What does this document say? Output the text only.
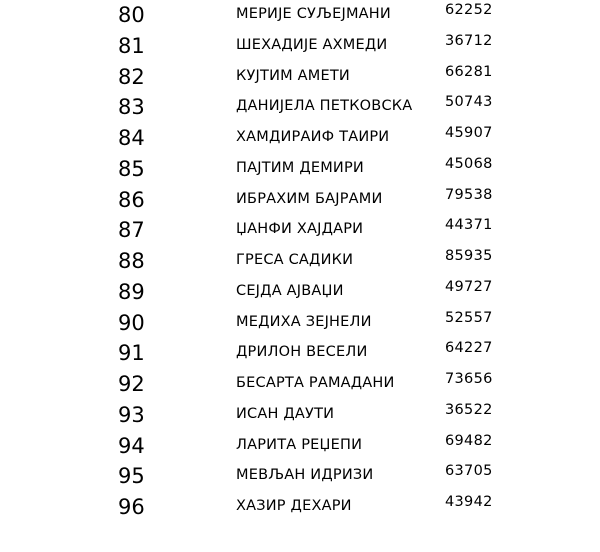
80	МЕРИЈЕ СУЉЕЈМАНИ	62252
81	ШЕХАДИЈЕ АХМЕДИ	36712
82	КУЈТИМ АМЕТИ	66281
83	ДАНИЈЕЛА ПЕТКОВСКА 50743
84	ХАМДИРАИФ ТАИРИ	45907
85	ПАЈТИМ ДЕМИРИ	45068
86	ИБРАХИМ БАЈРАМИ	79538
87	ЏАНФИ ХАЈДАРИ	44371
88	ГРЕСА САДИКИ	85935
89	СЕЈДА АЈВАЏИ	49727
90	МЕДИХА ЗЕЈНЕЛИ	52557
91	ДРИЛОН ВЕСЕЛИ	64227
92	БЕСАРТА РАМАДАНИ	73656
93	ИСАН ДАУТИ	36522
94	ЛАРИТА РЕЏЕПИ	69482
95	МЕВЉАН ИДРИЗИ	63705
96	ХАЗИР ДЕХАРИ	43942
